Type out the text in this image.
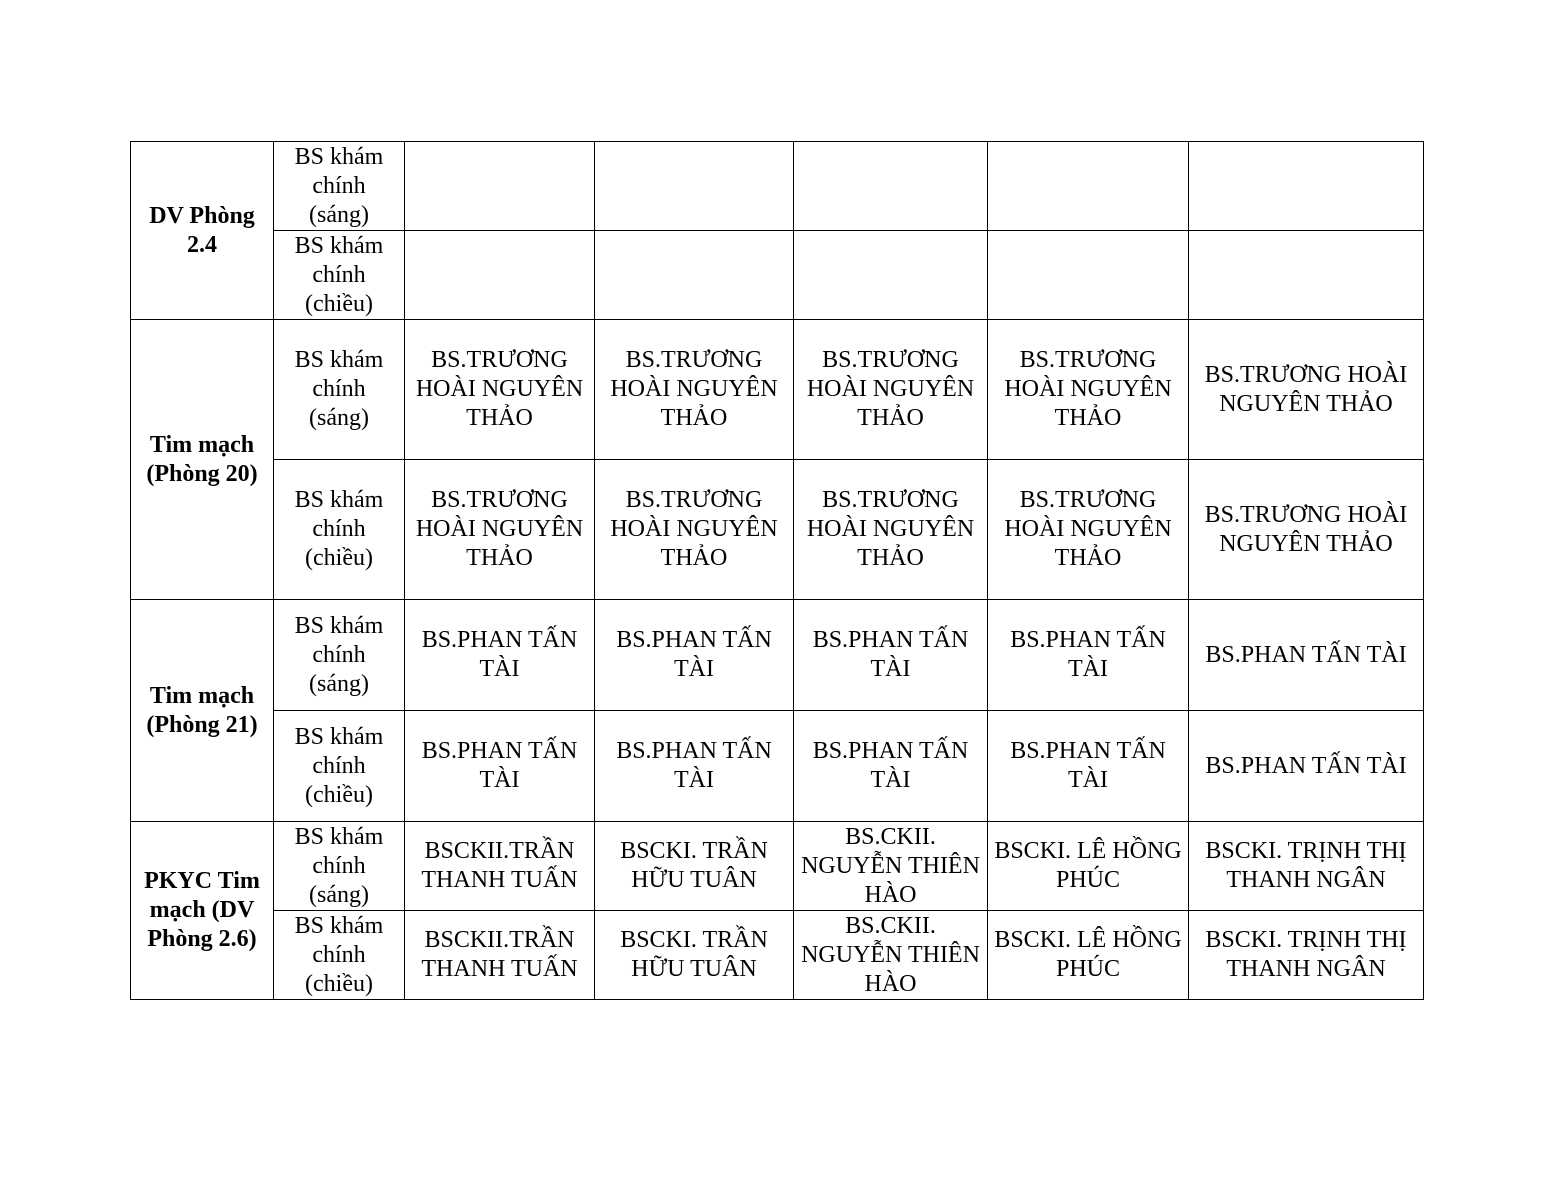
DV Phòng 2.4	BS khám chính (sáng)					
	BS khám chính (chiều)					
Tim mạch (Phòng 20)	BS khám chính (sáng)	BS.TRƯƠNG HOÀI NGUYÊN THẢO	BS.TRƯƠNG HOÀI NGUYÊN THẢO	BS.TRƯƠNG HOÀI NGUYÊN THẢO	BS.TRƯƠNG HOÀI NGUYÊN THẢO	BS.TRƯƠNG HOÀI NGUYÊN THẢO
	BS khám chính (chiều)	BS.TRƯƠNG HOÀI NGUYÊN THẢO	BS.TRƯƠNG HOÀI NGUYÊN THẢO	BS.TRƯƠNG HOÀI NGUYÊN THẢO	BS.TRƯƠNG HOÀI NGUYÊN THẢO	BS.TRƯƠNG HOÀI NGUYÊN THẢO
Tim mạch (Phòng 21)	BS khám chính (sáng)	BS.PHAN TẤN TÀI	BS.PHAN TẤN TÀI	BS.PHAN TẤN TÀI	BS.PHAN TẤN TÀI	BS.PHAN TẤN TÀI
	BS khám chính (chiều)	BS.PHAN TẤN TÀI	BS.PHAN TẤN TÀI	BS.PHAN TẤN TÀI	BS.PHAN TẤN TÀI	BS.PHAN TẤN TÀI
PKYC Tim mạch (DV Phòng 2.6)	BS khám chính (sáng)	BSCKII.TRẦN THANH TUẤN	BSCKI. TRẦN HỮU TUÂN	BS.CKII. NGUYỄN THIÊN HÀO	BSCKI. LÊ HỒNG PHÚC	BSCKI. TRỊNH THỊ THANH NGÂN
	BS khám chính (chiều)	BSCKII.TRẦN THANH TUẤN	BSCKI. TRẦN HỮU TUÂN	BS.CKII. NGUYỄN THIÊN HÀO	BSCKI. LÊ HỒNG PHÚC	BSCKI. TRỊNH THỊ THANH NGÂN
